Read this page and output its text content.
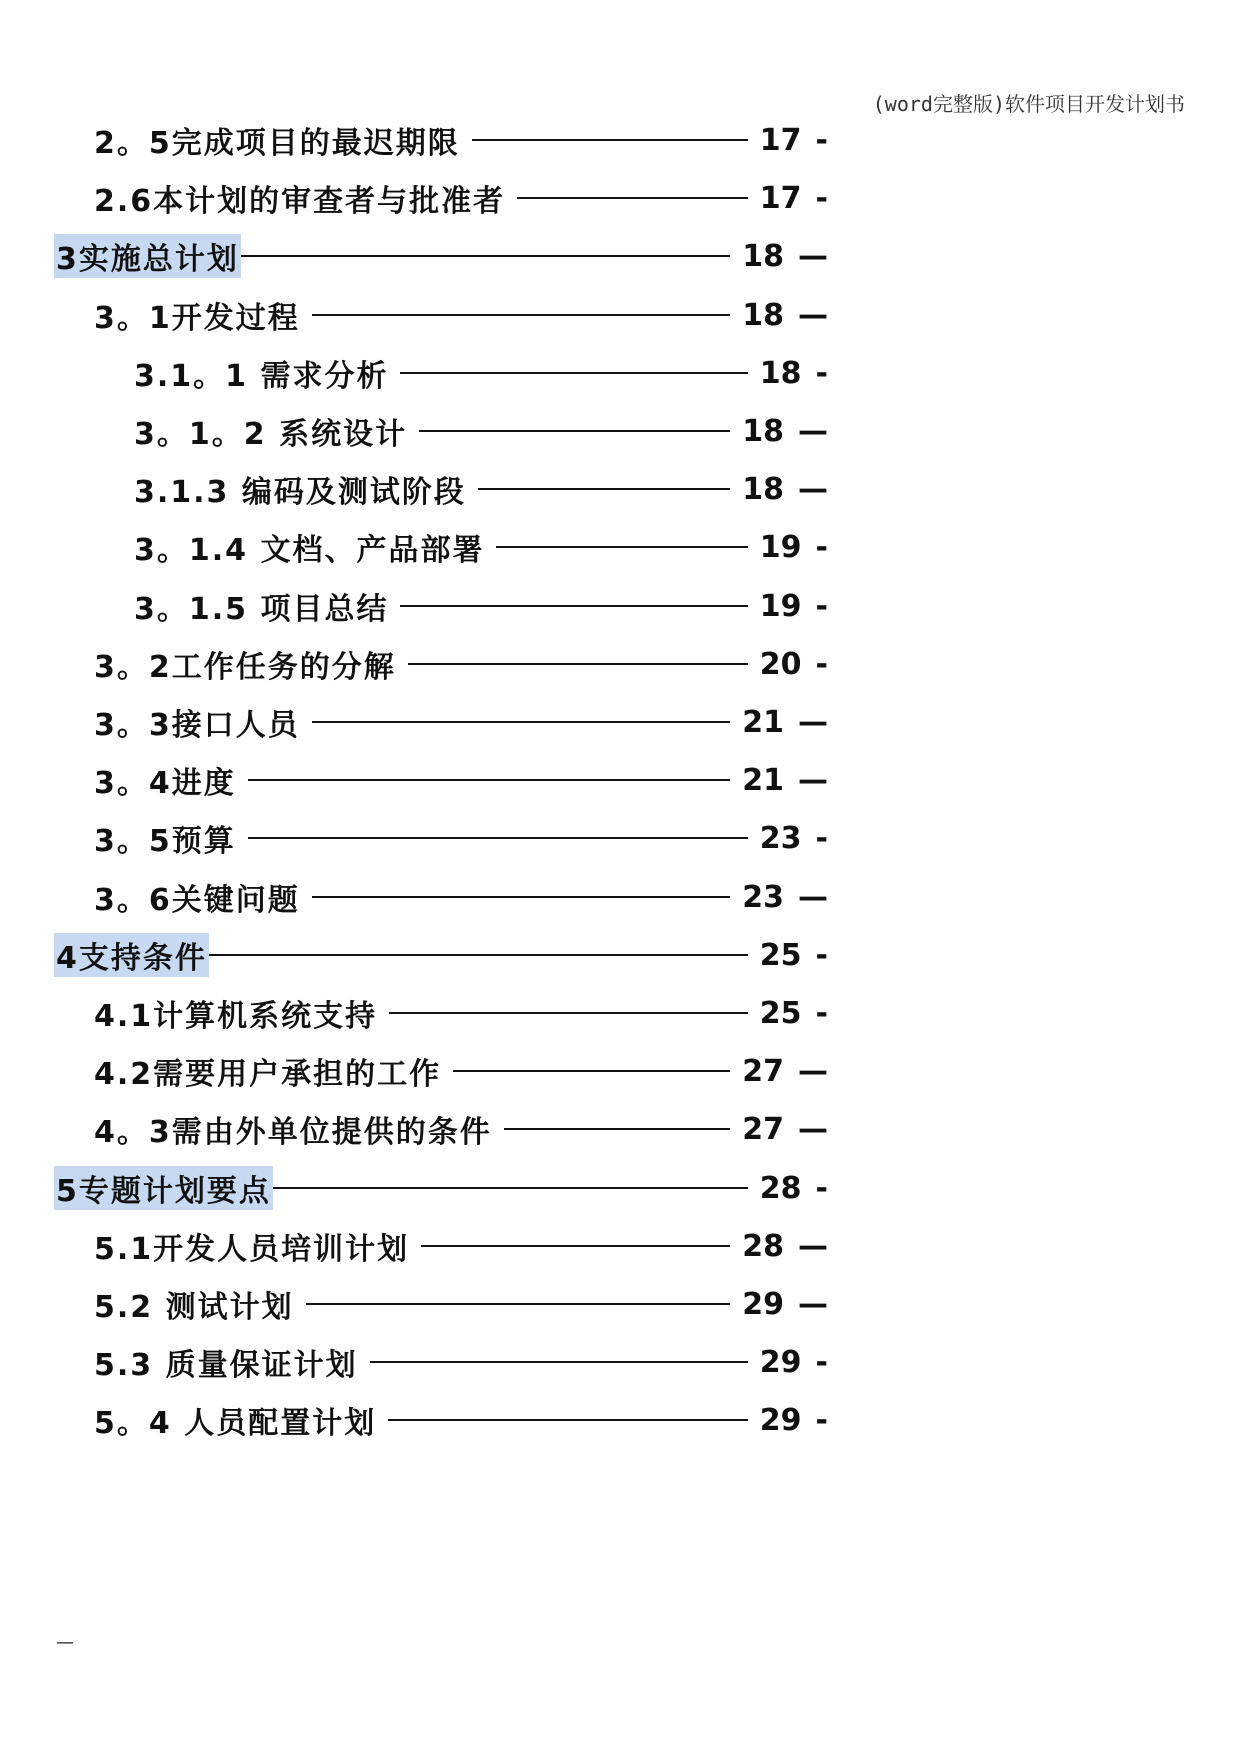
(word完整版)软件项目开发计划书
2。5完成项目的最迟期限	17 -
2.6本计划的审查者与批准者	17 -
3实施总计划	18 —
3。1开发过程	18 —
3.1。1 需求分析	18 -
3。1。2 系统设计	18 —
3.1.3 编码及测试阶段	18 —
3。1.4 文档、产品部署	19 -
3。1.5 项目总结	19 -
3。2工作任务的分解	20 -
3。3接口人员	21 —
3。4进度	21 —
3。5预算	23 -
3。6关键问题	23 —
4支持条件	25 -
4.1计算机系统支持	25 -
4.2需要用户承担的工作	27 —
4。3需由外单位提供的条件	27 —
5专题计划要点	28 -
5.1开发人员培训计划	28 —
5.2 测试计划	29 —
5.3 质量保证计划	29 -
5。4 人员配置计划	29 -
—
